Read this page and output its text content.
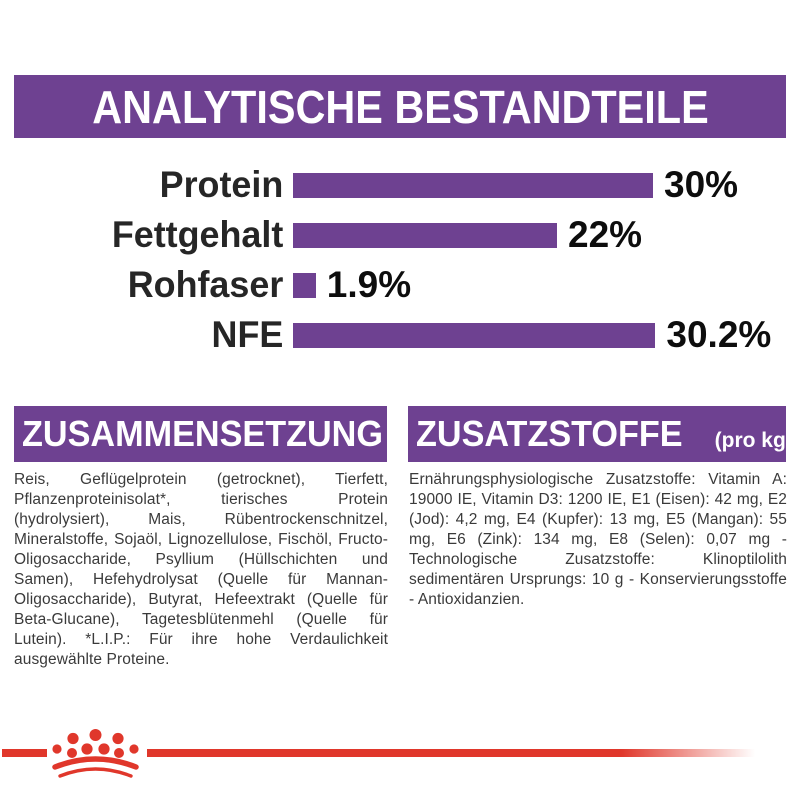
ANALYTISCHE BESTANDTEILE
Protein	30%
Fettgehalt	22%
Rohfaser 1.9%
NFE	30.2%
ZUSAMMENSETZUNG

Reis, Geflügelprotein (getrocknet), Tierfett, Pflanzenproteinisolat*, tierisches Protein (hydrolysiert), Mais, Rübentrockenschnitzel, Mineralstoffe, Sojaöl, Lignozellulose, Fischöl, Fructo-Oligosaccharide, Psyllium (Hüllschichten und Samen), Hefehydrolysat (Quelle für Mannan-Oligosaccharide), Butyrat, Hefeextrakt (Quelle für Beta-Glucane), Tagetesblütenmehl (Quelle für Lutein). *L.I.P.: Für ihre hohe Verdaulichkeit ausgewählte Proteine.

ZUSATZSTOFFE (pro kg)

Ernährungsphysiologische Zusatzstoffe: Vitamin A: 19000 IE, Vitamin D3: 1200 IE, E1 (Eisen): 42 mg, E2 (Jod): 4,2 mg, E4 (Kupfer): 13 mg, E5 (Mangan): 55 mg, E6 (Zink): 134 mg, E8 (Selen): 0,07 mg - Technologische Zusatzstoffe: Klinoptilolith sedimentären Ursprungs: 10 g - Konservierungsstoffe - Antioxidanzien.
